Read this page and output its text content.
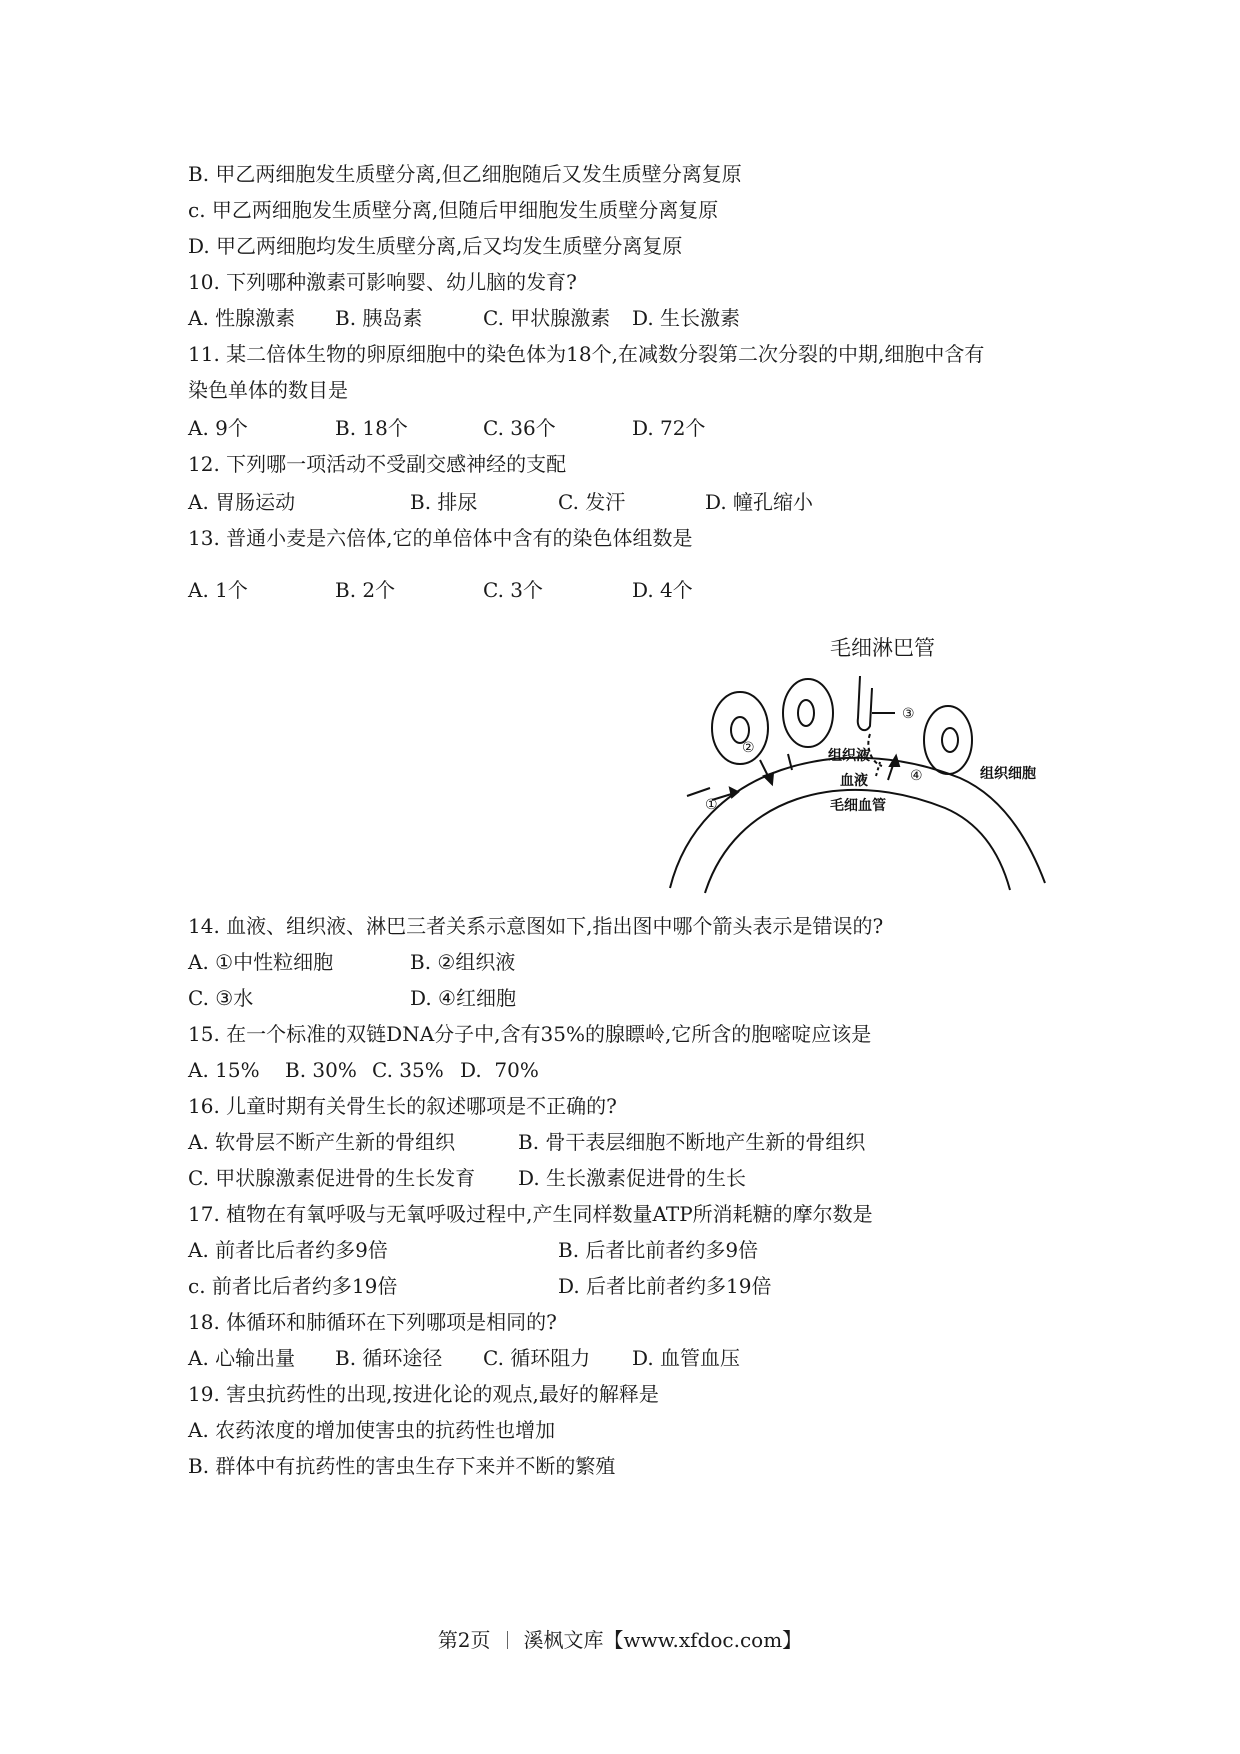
B. 甲乙两细胞发生质壁分离,但乙细胞随后又发生质壁分离复原
c. 甲乙两细胞发生质壁分离,但随后甲细胞发生质壁分离复原
D. 甲乙两细胞均发生质壁分离,后又均发生质壁分离复原
10. 下列哪种激素可影响婴、幼儿脑的发育?
A. 性腺激素 B. 胰岛素	C. 甲状腺激素 D. 生长激素
11. 某二倍体生物的卵原细胞中的染色体为18个,在减数分裂第二次分裂的中期,细胞中含有
染色单体的数目是
A. 9个	B. 18个	C. 36个	D. 72个
12. 下列哪一项活动不受副交感神经的支配
A. 胃肠运动	B. 排尿	C. 发汗	D. 幢孔缩小
13. 普通小麦是六倍体,它的单倍体中含有的染色体组数是
A. 1个	B. 2个	C. 3个	D. 4个
毛细淋巴管
①
②
③
④
组织液
血液
毛细血管
组织细胞
14. 血液、组织液、淋巴三者关系示意图如下,指出图中哪个箭头表示是错误的?
A. ①中性粒细胞	B. ②组织液
C. ③水	D. ④红细胞
15. 在一个标准的双链DNA分子中,含有35%的腺瞟岭,它所含的胞嘧啶应该是
A. 15% B. 30% C. 35% D.  70%
16. 儿童时期有关骨生长的叙述哪项是不正确的?
A. 软骨层不断产生新的骨组织	B. 骨干表层细胞不断地产生新的骨组织
C. 甲状腺激素促进骨的生长发育 D. 生长激素促进骨的生长
17. 植物在有氧呼吸与无氧呼吸过程中,产生同样数量ATP所消耗糖的摩尔数是
A. 前者比后者约多9倍	B. 后者比前者约多9倍
c. 前者比后者约多19倍	D. 后者比前者约多19倍
18. 体循环和肺循环在下列哪项是相同的?
A. 心输出量 B. 循环途径 C. 循环阻力 D. 血管血压
19. 害虫抗药性的出现,按进化论的观点,最好的解释是
A. 农药浓度的增加使害虫的抗药性也增加
B. 群体中有抗药性的害虫生存下来并不断的繁殖
第2页 溪枫文库【www.xfdoc.com】
